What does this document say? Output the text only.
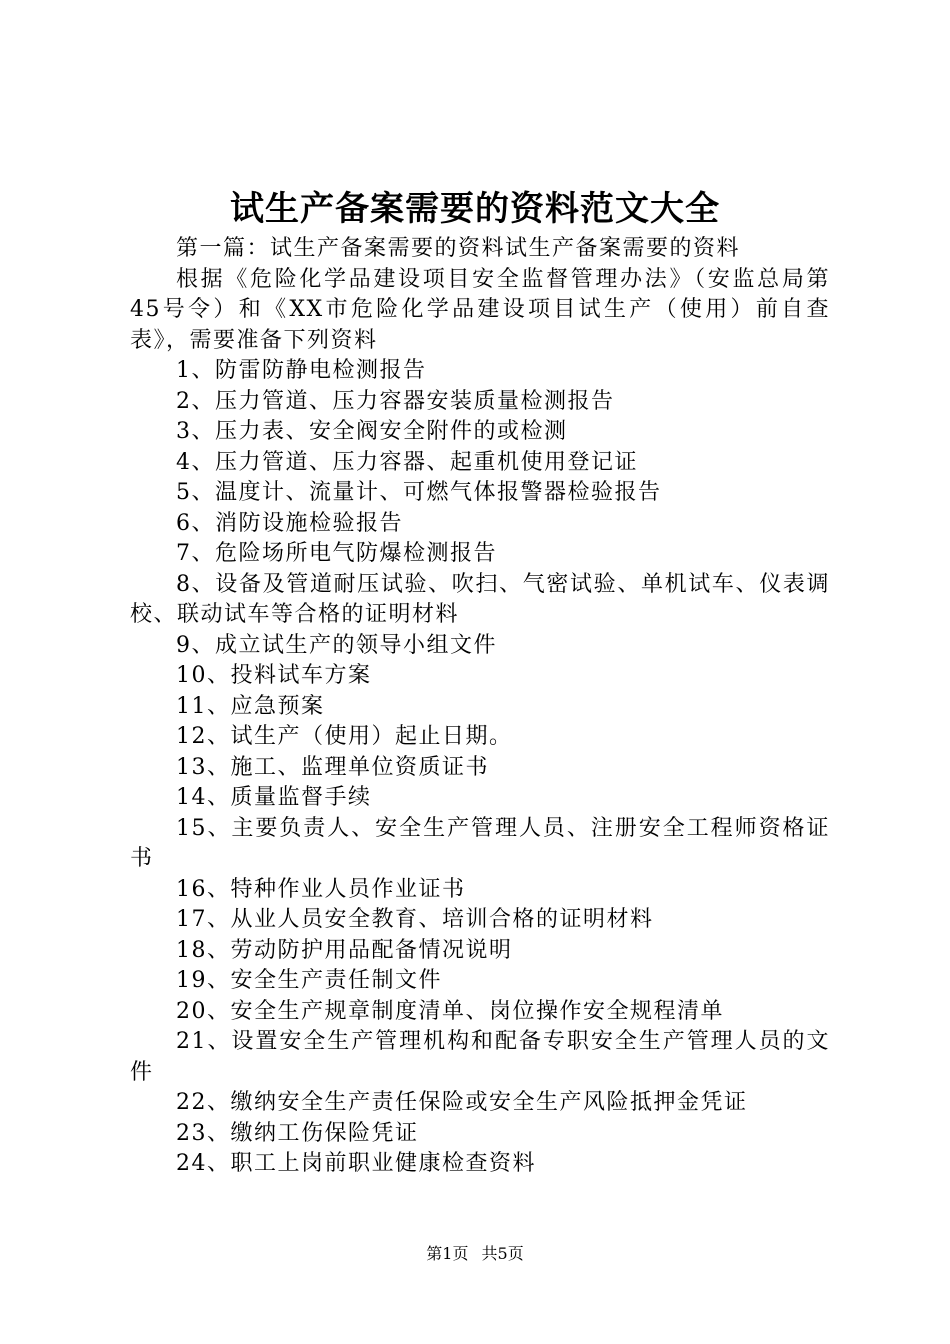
试生产备案需要的资料范文大全

第一篇：试生产备案需要的资料试生产备案需要的资料

根据《危险化学品建设项目安全监督管理办法》（安监总局第45号令）和《XX市危险化学品建设项目试生产（使用）前自查表》，需要准备下列资料

1、防雷防静电检测报告

2、压力管道、压力容器安装质量检测报告

3、压力表、安全阀安全附件的或检测

4、压力管道、压力容器、起重机使用登记证

5、温度计、流量计、可燃气体报警器检验报告

6、消防设施检验报告

7、危险场所电气防爆检测报告

8、设备及管道耐压试验、吹扫、气密试验、单机试车、仪表调校、联动试车等合格的证明材料

9、成立试生产的领导小组文件

10、投料试车方案

11、应急预案

12、试生产（使用）起止日期。

13、施工、监理单位资质证书

14、质量监督手续

15、主要负责人、安全生产管理人员、注册安全工程师资格证书

16、特种作业人员作业证书

17、从业人员安全教育、培训合格的证明材料

18、劳动防护用品配备情况说明

19、安全生产责任制文件

20、安全生产规章制度清单、岗位操作安全规程清单

21、设置安全生产管理机构和配备专职安全生产管理人员的文件

22、缴纳安全生产责任保险或安全生产风险抵押金凭证

23、缴纳工伤保险凭证

24、职工上岗前职业健康检查资料

第1页 共5页
